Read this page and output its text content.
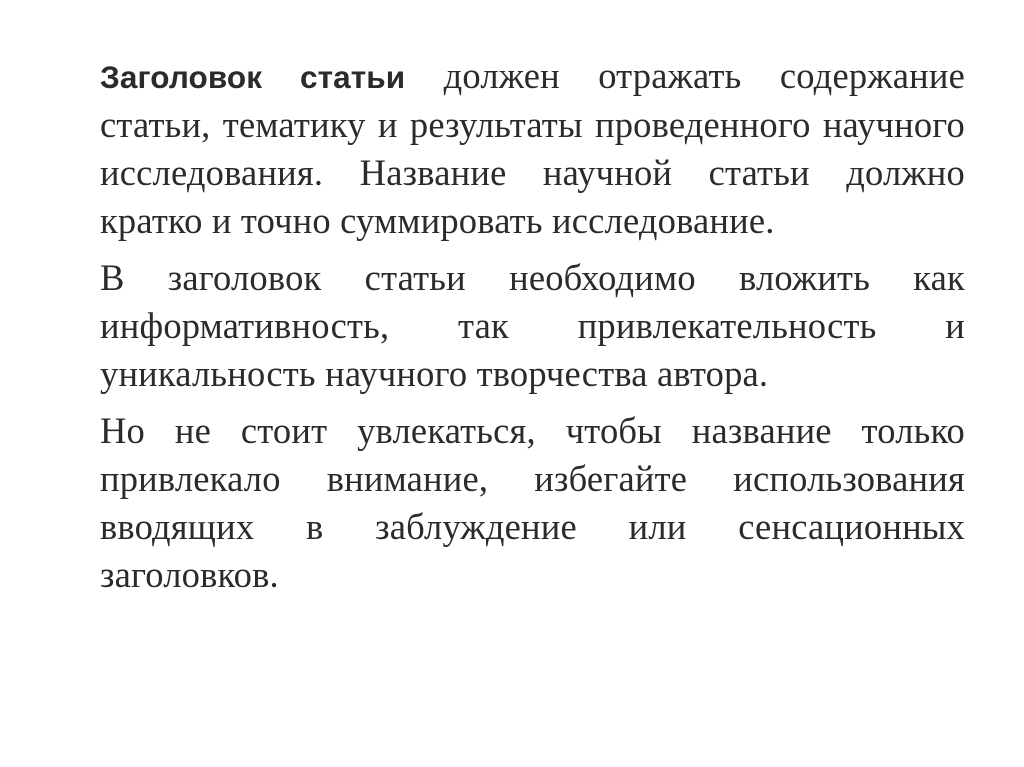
Заголовок статьи должен отражать содержание статьи, тематику и результаты проведенного научного исследования. Название научной статьи должно кратко и точно суммировать исследование.

В заголовок статьи необходимо вложить как информативность, так привлекательность и уникальность научного творчества автора.

Но не стоит увлекаться, чтобы название только привлекало внимание, избегайте использования вводящих в заблуждение или сенсационных заголовков.
